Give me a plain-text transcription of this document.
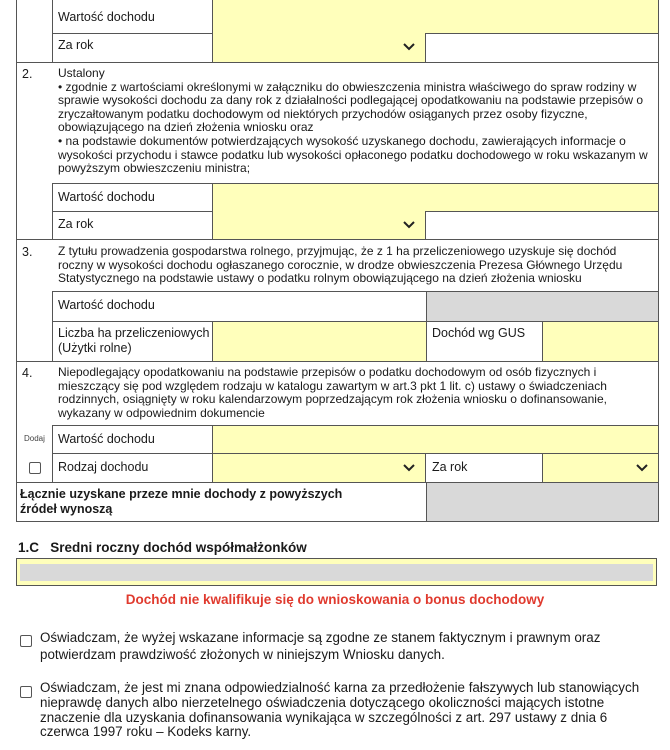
Wartość dochodu
Za rok
2. Ustalony
• zgodnie z wartościami określonymi w załączniku do obwieszczenia ministra właściwego do spraw rodziny w sprawie wysokości dochodu za dany rok z działalności podlegającej opodatkowaniu na podstawie przepisów o zryczałtowanym podatku dochodowym od niektórych przychodów osiąganych przez osoby fizyczne, obowiązującego na dzień złożenia wniosku oraz
• na podstawie dokumentów potwierdzających wysokość uzyskanego dochodu, zawierających informacje o wysokości przychodu i stawce podatku lub wysokości opłaconego podatku dochodowego w roku wskazanym w powyższym obwieszczeniu ministra;
Wartość dochodu
Za rok
3. Z tytułu prowadzenia gospodarstwa rolnego, przyjmując, że z 1 ha przeliczeniowego uzyskuje się dochód roczny w wysokości dochodu ogłaszanego corocznie, w drodze obwieszczenia Prezesa Głównego Urzędu Statystycznego na podstawie ustawy o podatku rolnym obowiązującego na dzień złożenia wniosku
Wartość dochodu
Liczba ha przeliczeniowych
(Użytki rolne)
Dochód wg GUS
4. Niepodlegający opodatkowaniu na podstawie przepisów o podatku dochodowym od osób fizycznych i mieszczący się pod względem rodzaju w katalogu zawartym w art.3 pkt 1 lit. c) ustawy o świadczeniach rodzinnych, osiągnięty w roku kalendarzowym poprzedzającym rok złożenia wniosku o dofinansowanie, wykazany w odpowiednim dokumencie
Dodaj Wartość dochodu
Rodzaj dochodu	Za rok
Łącznie uzyskane przeze mnie dochody z powyższych źródeł wynoszą
1.C   Sredni roczny dochód współmałżonków
Dochód nie kwalifikuje się do wnioskowania o bonus dochodowy
Oświadczam, że wyżej wskazane informacje są zgodne ze stanem faktycznym i prawnym oraz potwierdzam prawdziwość złożonych w niniejszym Wniosku danych.
Oświadczam, że jest mi znana odpowiedzialność karna za przedłożenie fałszywych lub stanowiących nieprawdę danych albo nierzetelnego oświadczenia dotyczącego okoliczności mających istotne znaczenie dla uzyskania dofinansowania wynikająca w szczególności z art. 297 ustawy z dnia 6 czerwca 1997 roku – Kodeks karny.
